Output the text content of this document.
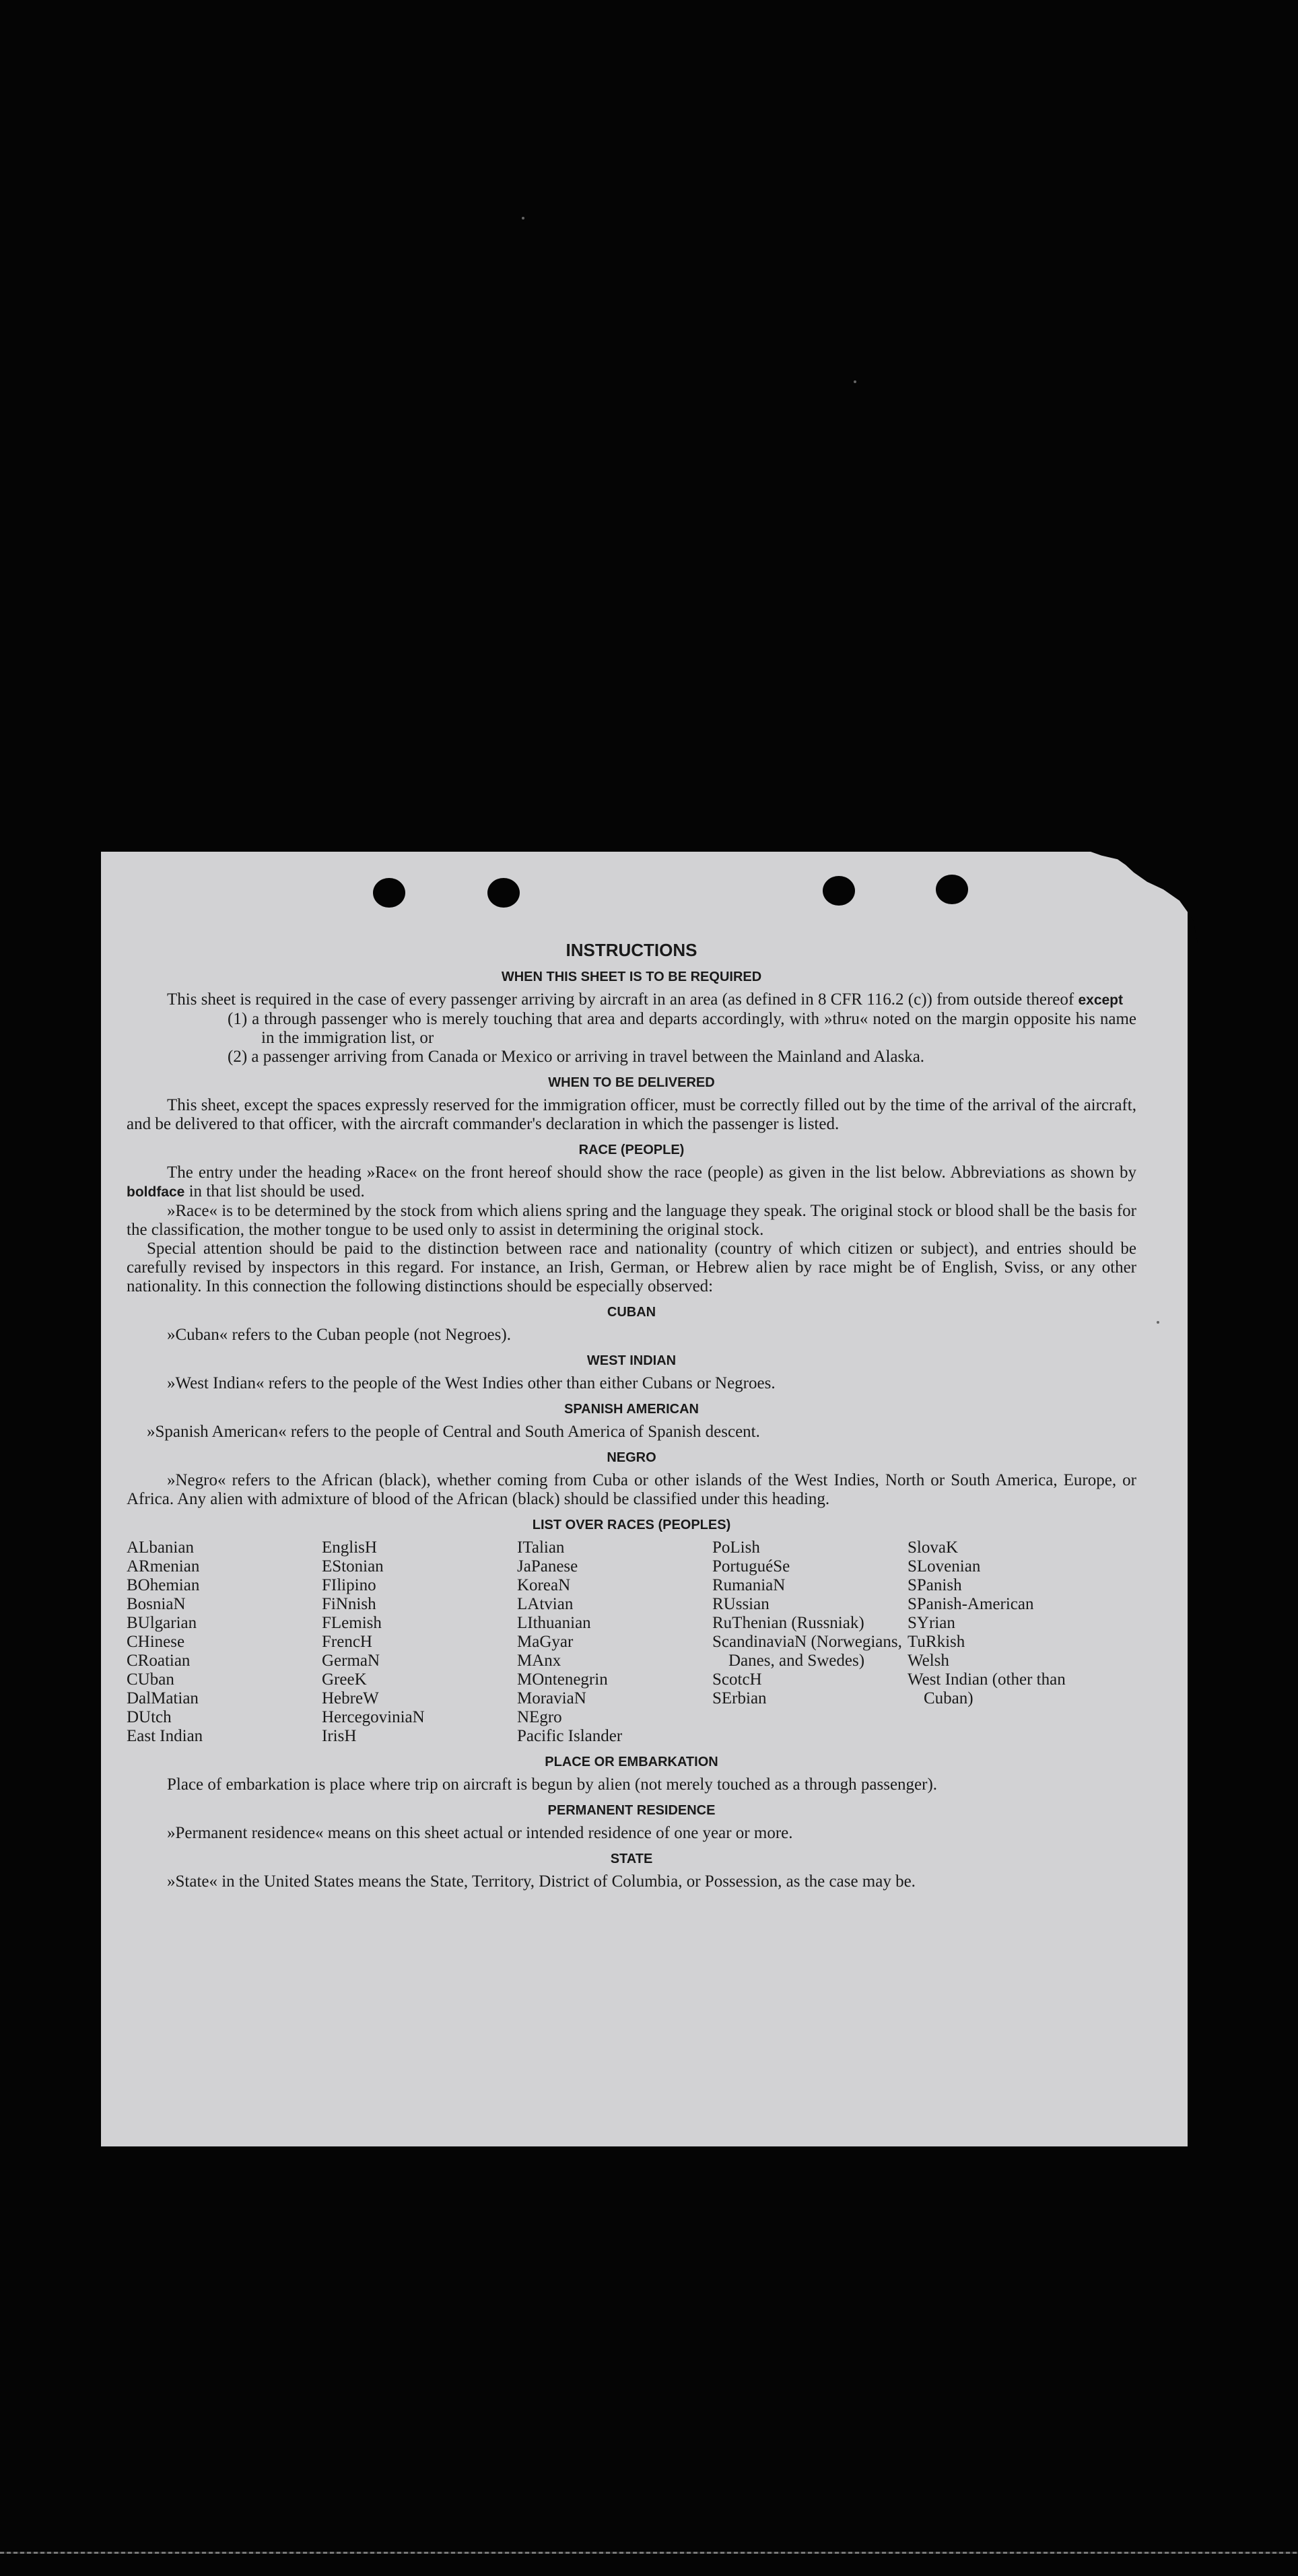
INSTRUCTIONS
WHEN THIS SHEET IS TO BE REQUIRED

This sheet is required in the case of every passenger arriving by aircraft in an area (as defined in 8 CFR 116.2 (c)) from outside thereof except

(1) a through passenger who is merely touching that area and departs accordingly, with »thru« noted on the margin opposite his name in the immigration list, or
(2) a passenger arriving from Canada or Mexico or arriving in travel between the Mainland and Alaska.
WHEN TO BE DELIVERED

This sheet, except the spaces expressly reserved for the immigration officer, must be correctly filled out by the time of the arrival of the aircraft, and be delivered to that officer, with the aircraft commander's declaration in which the passenger is listed.

RACE (PEOPLE)

The entry under the heading »Race« on the front hereof should show the race (people) as given in the list below. Abbreviations as shown by boldface in that list should be used.

»Race« is to be determined by the stock from which aliens spring and the language they speak. The original stock or blood shall be the basis for the classification, the mother tongue to be used only to assist in determining the original stock.

Special attention should be paid to the distinction between race and nationality (country of which citizen or subject), and entries should be carefully revised by inspectors in this regard. For instance, an Irish, German, or Hebrew alien by race might be of English, Sviss, or any other nationality. In this connection the following distinctions should be especially observed:

CUBAN

»Cuban« refers to the Cuban people (not Negroes).

WEST INDIAN

»West Indian« refers to the people of the West Indies other than either Cubans or Negroes.

SPANISH AMERICAN

»Spanish American« refers to the people of Central and South America of Spanish descent.

NEGRO

»Negro« refers to the African (black), whether coming from Cuba or other islands of the West Indies, North or South America, Europe, or Africa. Any alien with admixture of blood of the African (black) should be classified under this heading.

LIST OVER RACES (PEOPLES)
ALbanian
ARmenian
BOhemian
BosniaN
BUlgarian
CHinese
CRoatian
CUban
DalMatian
DUtch
East Indian
EnglisH
EStonian
FIlipino
FiNnish
FLemish
FrencH
GermaN
GreeK
HebreW
HercegoviniaN
IrisH
ITalian
JaPanese
KoreaN
LAtvian
LIthuanian
MaGyar
MAnx
MOntenegrin
MoraviaN
NEgro
Pacific Islander
PoLish
PortuguéSe
RumaniaN
RUssian
RuThenian (Russniak)
ScandinaviaN (Norwegians, Danes, and Swedes)
ScotcH
SErbian
SlovaK
SLovenian
SPanish
SPanish-American
SYrian
TuRkish
Welsh
West Indian (other than Cuban)
PLACE OR EMBARKATION

Place of embarkation is place where trip on aircraft is begun by alien (not merely touched as a through passenger).

PERMANENT RESIDENCE

»Permanent residence« means on this sheet actual or intended residence of one year or more.

STATE

»State« in the United States means the State, Territory, District of Columbia, or Possession, as the case may be.
